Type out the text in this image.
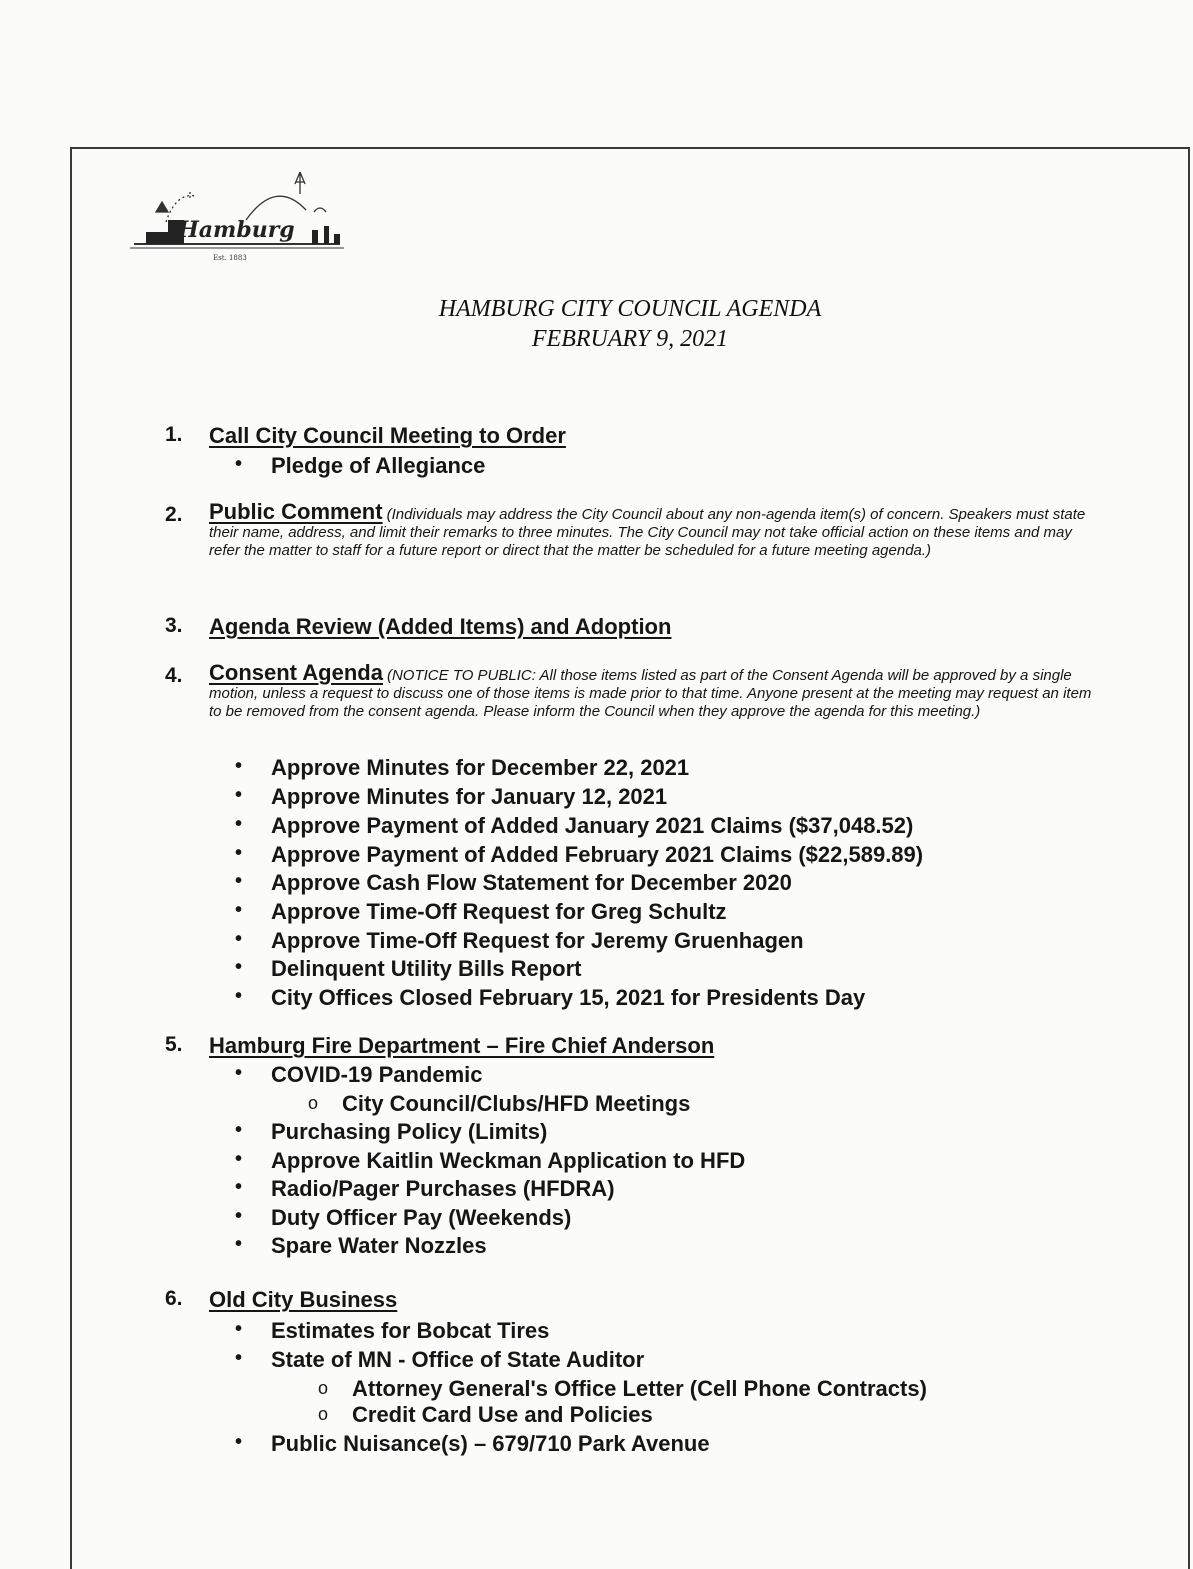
Hamburg
Est. 1883
HAMBURG CITY COUNCIL AGENDA
FEBRUARY 9, 2021
1. Call City Council Meeting to Order
• Pledge of Allegiance
2. Public Comment (Individuals may address the City Council about any non-agenda item(s) of concern. Speakers must state their name, address, and limit their remarks to three minutes. The City Council may not take official action on these items and may refer the matter to staff for a future report or direct that the matter be scheduled for a future meeting agenda.)
3. Agenda Review (Added Items) and Adoption
4. Consent Agenda (NOTICE TO PUBLIC: All those items listed as part of the Consent Agenda will be approved by a single motion, unless a request to discuss one of those items is made prior to that time. Anyone present at the meeting may request an item to be removed from the consent agenda. Please inform the Council when they approve the agenda for this meeting.)
• Approve Minutes for December 22, 2021
• Approve Minutes for January 12, 2021
• Approve Payment of Added January 2021 Claims ($37,048.52)
• Approve Payment of Added February 2021 Claims ($22,589.89)
• Approve Cash Flow Statement for December 2020
• Approve Time-Off Request for Greg Schultz
• Approve Time-Off Request for Jeremy Gruenhagen
• Delinquent Utility Bills Report
• City Offices Closed February 15, 2021 for Presidents Day
5. Hamburg Fire Department – Fire Chief Anderson
• COVID-19 Pandemic
o City Council/Clubs/HFD Meetings
• Purchasing Policy (Limits)
• Approve Kaitlin Weckman Application to HFD
• Radio/Pager Purchases (HFDRA)
• Duty Officer Pay (Weekends)
• Spare Water Nozzles
6. Old City Business
• Estimates for Bobcat Tires
• State of MN - Office of State Auditor
o Attorney General's Office Letter (Cell Phone Contracts)
o Credit Card Use and Policies
• Public Nuisance(s) – 679/710 Park Avenue
